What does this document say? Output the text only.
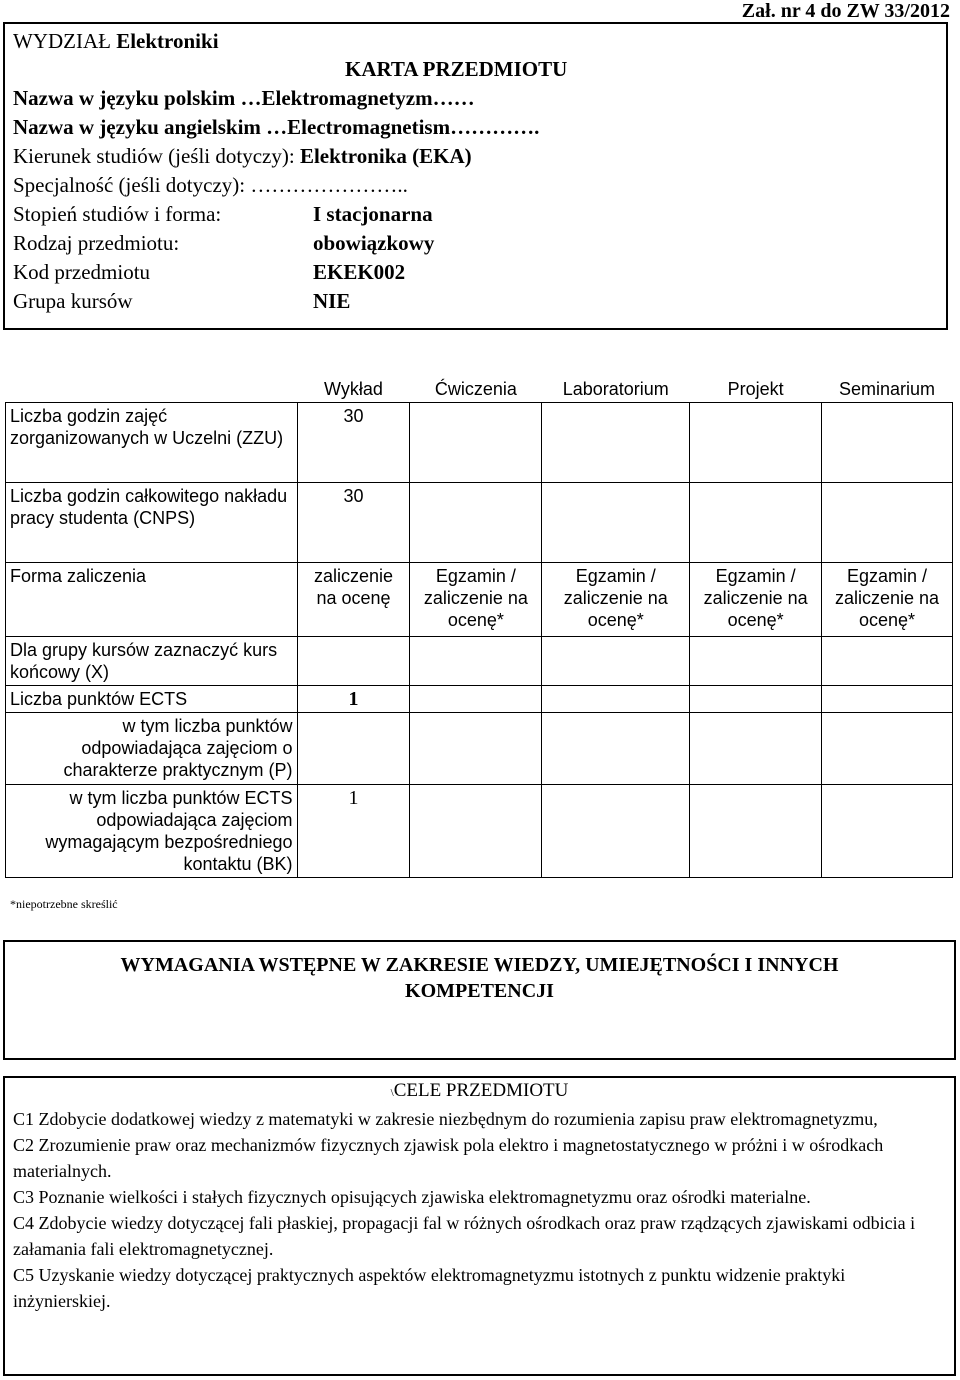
Zał. nr 4 do ZW 33/2012
WYDZIAŁ Elektroniki
KARTA PRZEDMIOTU
Nazwa w języku polskim …Elektromagnetyzm……
Nazwa w języku angielskim …Electromagnetism………….
Kierunek studiów (jeśli dotyczy): Elektronika (EKA)
Specjalność (jeśli dotyczy): …………………..
Stopień studiów i forma:	I stacjonarna
Rodzaj przedmiotu:	obowiązkowy
Kod przedmiotu	EKEK002
Grupa kursów	NIE
	Wykład	Ćwiczenia	Laboratorium	Projekt	Seminarium
Liczba godzin zajęć zorganizowanych w Uczelni (ZZU)	30				
Liczba godzin całkowitego nakładu pracy studenta (CNPS)	30				
Forma zaliczenia	zaliczenie na ocenę	Egzamin / zaliczenie na ocenę*	Egzamin / zaliczenie na ocenę*	Egzamin / zaliczenie na ocenę*	Egzamin / zaliczenie na ocenę*
Dla grupy kursów zaznaczyć kurs końcowy (X)					
Liczba punktów ECTS	1				
w tym liczba punktów odpowiadająca zajęciom o charakterze praktycznym (P)					
w tym liczba punktów ECTS odpowiadająca zajęciom wymagającym bezpośredniego kontaktu (BK)	1				
*niepotrzebne skreślić
WYMAGANIA WSTĘPNE W ZAKRESIE WIEDZY, UMIEJĘTNOŚCI I INNYCH KOMPETENCJI
\CELE PRZEDMIOTU
C1 Zdobycie dodatkowej wiedzy z matematyki w zakresie niezbędnym do rozumienia zapisu praw elektromagnetyzmu,
C2 Zrozumienie praw oraz mechanizmów fizycznych zjawisk pola elektro i magnetostatycznego w próżni i w ośrodkach materialnych.
C3 Poznanie wielkości i stałych fizycznych opisujących zjawiska elektromagnetyzmu oraz ośrodki materialne.
C4 Zdobycie wiedzy dotyczącej fali płaskiej, propagacji fal w różnych ośrodkach oraz praw rządzących zjawiskami odbicia i załamania fali elektromagnetycznej.
C5 Uzyskanie wiedzy dotyczącej praktycznych aspektów elektromagnetyzmu istotnych z punktu widzenie praktyki inżynierskiej.
